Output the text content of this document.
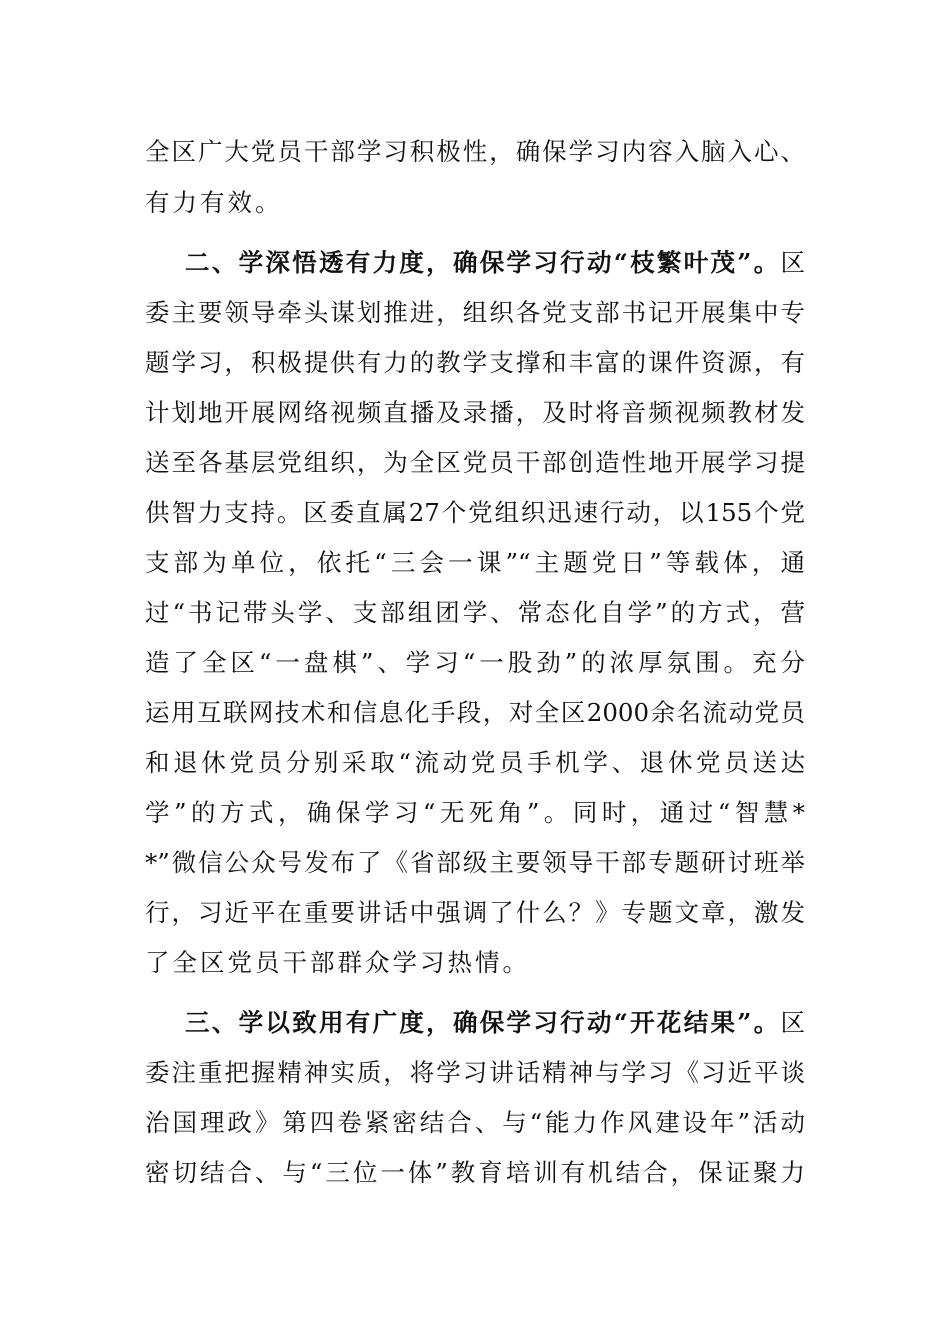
全区广大党员干部学习积极性，确保学习内容入脑入心、
有力有效。
二、学深悟透有力度，确保学习行动“枝繁叶茂”。区
委主要领导牵头谋划推进，组织各党支部书记开展集中专
题学习，积极提供有力的教学支撑和丰富的课件资源，有
计划地开展网络视频直播及录播，及时将音频视频教材发
送至各基层党组织，为全区党员干部创造性地开展学习提
供智力支持。区委直属27个党组织迅速行动，以155个党
支部为单位，依托“三会一课”“主题党日”等载体，通
过“书记带头学、支部组团学、常态化自学”的方式，营
造了全区“一盘棋”、学习“一股劲”的浓厚氛围。充分
运用互联网技术和信息化手段，对全区2000余名流动党员
和退休党员分别采取“流动党员手机学、退休党员送达
学”的方式，确保学习“无死角”。同时，通过“智慧*
*”微信公众号发布了《省部级主要领导干部专题研讨班举
行，习近平在重要讲话中强调了什么？》专题文章，激发
了全区党员干部群众学习热情。
三、学以致用有广度，确保学习行动“开花结果”。区
委注重把握精神实质，将学习讲话精神与学习《习近平谈
治国理政》第四卷紧密结合、与“能力作风建设年”活动
密切结合、与“三位一体”教育培训有机结合，保证聚力
